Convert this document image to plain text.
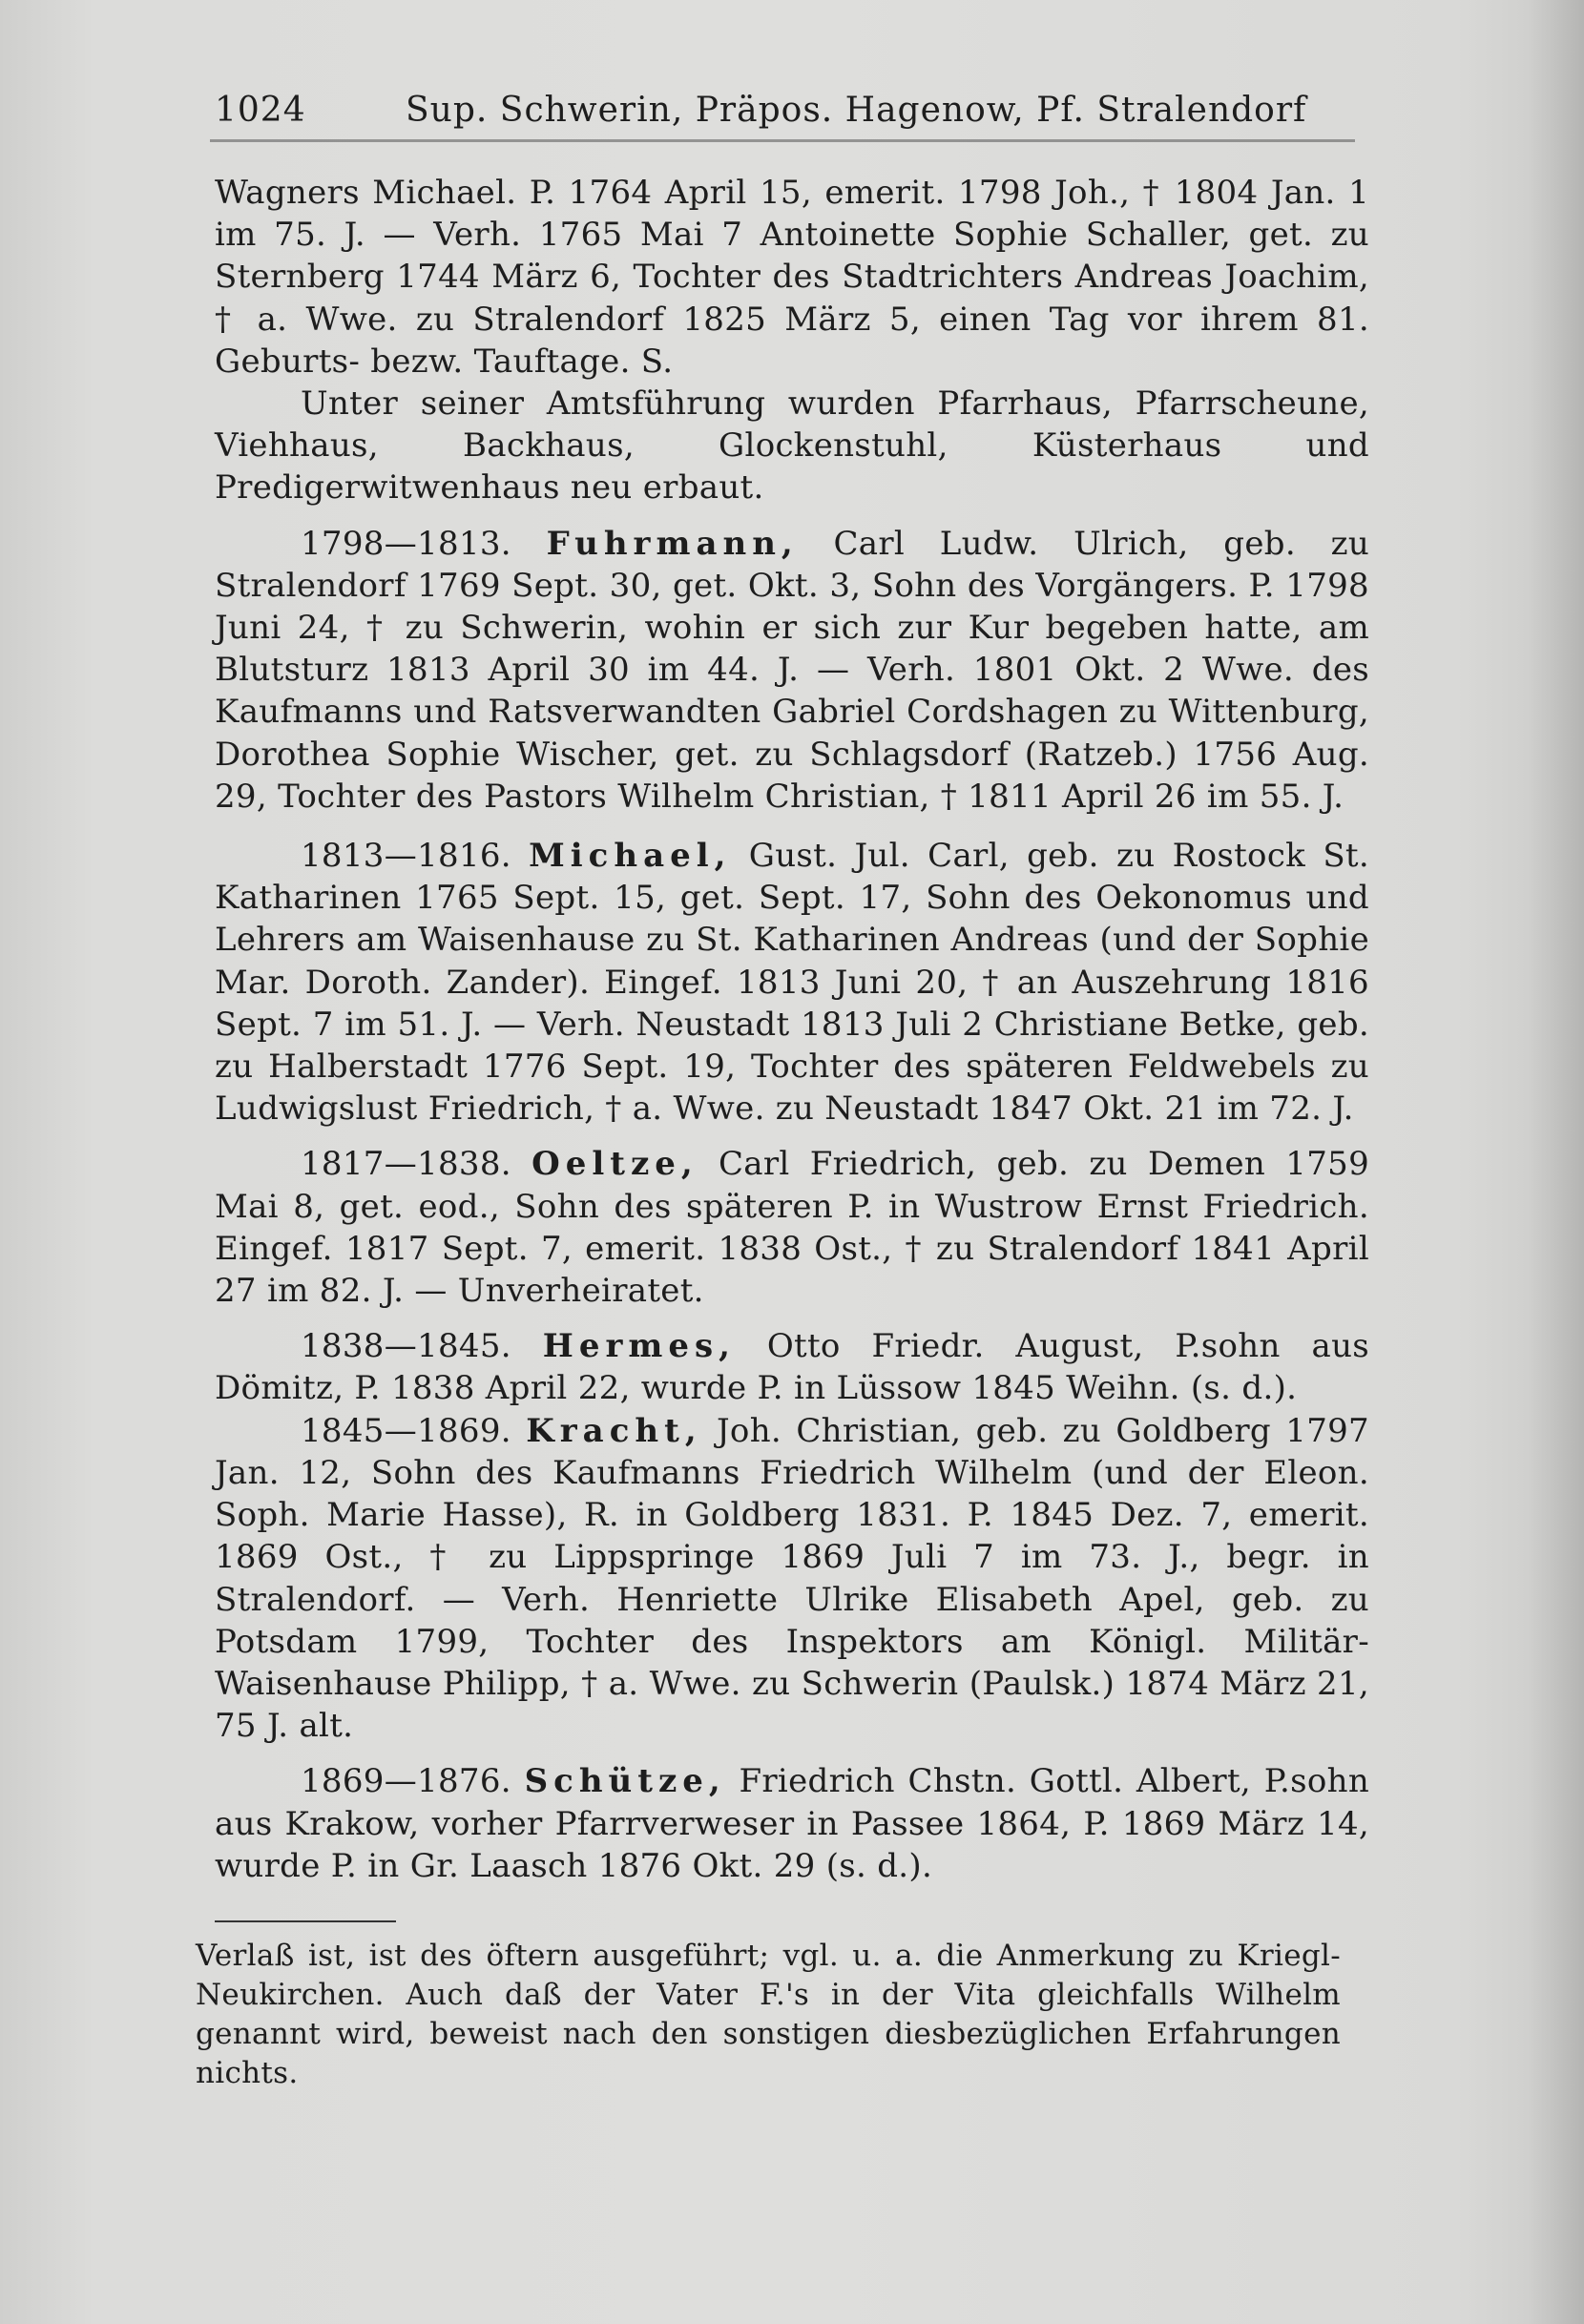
1024	Sup. Schwerin, Präpos. Hagenow, Pf. Stralendorf

Wagners Michael. P. 1764 April 15, emerit. 1798 Joh., † 1804 Jan. 1 im 75. J. — Verh. 1765 Mai 7 Antoinette Sophie Schaller, get. zu Sternberg 1744 März 6, Tochter des Stadtrichters Andreas Joachim, † a. Wwe. zu Stralendorf 1825 März 5, einen Tag vor ihrem 81. Geburts- bezw. Tauftage. S.

Unter seiner Amtsführung wurden Pfarrhaus, Pfarrscheune, Viehhaus, Backhaus, Glockenstuhl, Küsterhaus und Predigerwitwenhaus neu erbaut.

1798—1813. Fuhrmann, Carl Ludw. Ulrich, geb. zu Stralendorf 1769 Sept. 30, get. Okt. 3, Sohn des Vorgängers. P. 1798 Juni 24, † zu Schwerin, wohin er sich zur Kur begeben hatte, am Blutsturz 1813 April 30 im 44. J. — Verh. 1801 Okt. 2 Wwe. des Kaufmanns und Ratsverwandten Gabriel Cordshagen zu Wittenburg, Dorothea Sophie Wischer, get. zu Schlagsdorf (Ratzeb.) 1756 Aug. 29, Tochter des Pastors Wilhelm Christian, † 1811 April 26 im 55. J.

1813—1816. Michael, Gust. Jul. Carl, geb. zu Rostock St. Katharinen 1765 Sept. 15, get. Sept. 17, Sohn des Oekonomus und Lehrers am Waisenhause zu St. Katharinen Andreas (und der Sophie Mar. Doroth. Zander). Eingef. 1813 Juni 20, † an Auszehrung 1816 Sept. 7 im 51. J. — Verh. Neustadt 1813 Juli 2 Christiane Betke, geb. zu Halberstadt 1776 Sept. 19, Tochter des späteren Feldwebels zu Ludwigslust Friedrich, † a. Wwe. zu Neustadt 1847 Okt. 21 im 72. J.

1817—1838. Oeltze, Carl Friedrich, geb. zu Demen 1759 Mai 8, get. eod., Sohn des späteren P. in Wustrow Ernst Friedrich. Eingef. 1817 Sept. 7, emerit. 1838 Ost., † zu Stralendorf 1841 April 27 im 82. J. — Unverheiratet.

1838—1845. Hermes, Otto Friedr. August, P.sohn aus Dömitz, P. 1838 April 22, wurde P. in Lüssow 1845 Weihn. (s. d.).

1845—1869. Kracht, Joh. Christian, geb. zu Goldberg 1797 Jan. 12, Sohn des Kaufmanns Friedrich Wilhelm (und der Eleon. Soph. Marie Hasse), R. in Goldberg 1831. P. 1845 Dez. 7, emerit. 1869 Ost., † zu Lippspringe 1869 Juli 7 im 73. J., begr. in Stralendorf. — Verh. Henriette Ulrike Elisabeth Apel, geb. zu Potsdam 1799, Tochter des Inspektors am Königl. Militär-Waisenhause Philipp, † a. Wwe. zu Schwerin (Paulsk.) 1874 März 21, 75 J. alt.

1869—1876. Schütze, Friedrich Chstn. Gottl. Albert, P.sohn aus Krakow, vorher Pfarrverweser in Passee 1864, P. 1869 März 14, wurde P. in Gr. Laasch 1876 Okt. 29 (s. d.).

Verlaß ist, ist des öftern ausgeführt; vgl. u. a. die Anmerkung zu Kriegl-Neukirchen. Auch daß der Vater F.'s in der Vita gleichfalls Wilhelm genannt wird, beweist nach den sonstigen diesbezüglichen Erfahrungen nichts.
